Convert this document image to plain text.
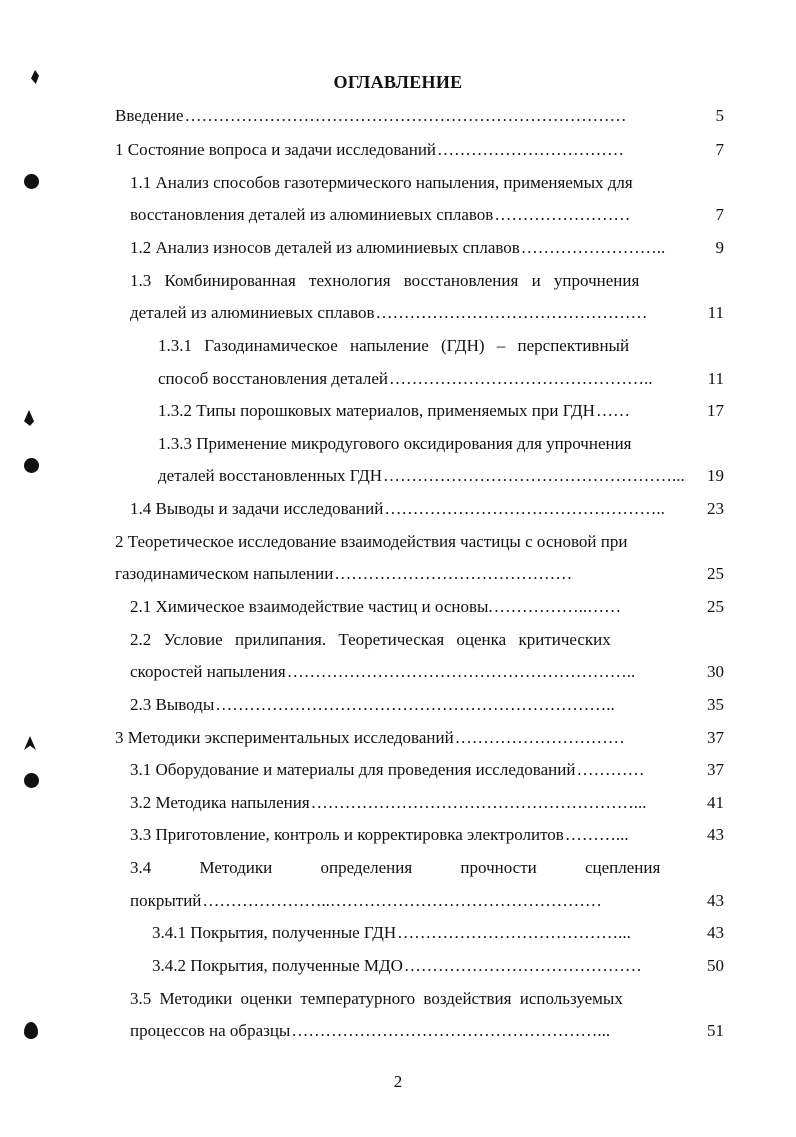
ОГЛАВЛЕНИЕ
Введение ……………………………………………………………………	5
1 Состояние вопроса и задачи исследований ……………………………	7
1.1 Анализ способов газотермического напыления, применяемых для
восстановления деталей из алюминиевых сплавов ……………………	7
1.2 Анализ износов деталей из алюминиевых сплавов ……………………..	9
1.3 Комбинированная технология восстановления и упрочнения
деталей из алюминиевых сплавов …………………………………………	11
1.3.1 Газодинамическое напыление (ГДН) – перспективный
способ восстановления деталей ………………………………………..	11
1.3.2 Типы порошковых материалов, применяемых при ГДН ……	17
1.3.3 Применение микродугового оксидирования для упрочнения
деталей восстановленных ГДН ……………………………………………...	19
1.4 Выводы и задачи исследований …………………………………………..	23
2 Теоретическое исследование взаимодействия частицы с основой при
газодинамическом напылении ……………………………………	25
2.1 Химическое взаимодействие частиц и основы. ……………..……	25
2.2 Условие прилипания. Теоретическая оценка критических
скоростей напыления ……………………………………………………..	30
2.3 Выводы ……………………………………………………………..	35
3 Методики экспериментальных исследований …………………………	37
3.1 Оборудование и материалы для проведения исследований …………	37
3.2 Методика напыления …………………………………………………...	41
3.3 Приготовление, контроль и корректировка электролитов ………...	43
3.4 Методики определения прочности сцепления
покрытий …………………..…………………………………………	43
3.4.1 Покрытия, полученные ГДН …………………………………...	43
3.4.2 Покрытия, полученные МДО ……………………………………	50
3.5 Методики оценки температурного воздействия используемых
процессов на образцы ………………………………………………...	51
2
